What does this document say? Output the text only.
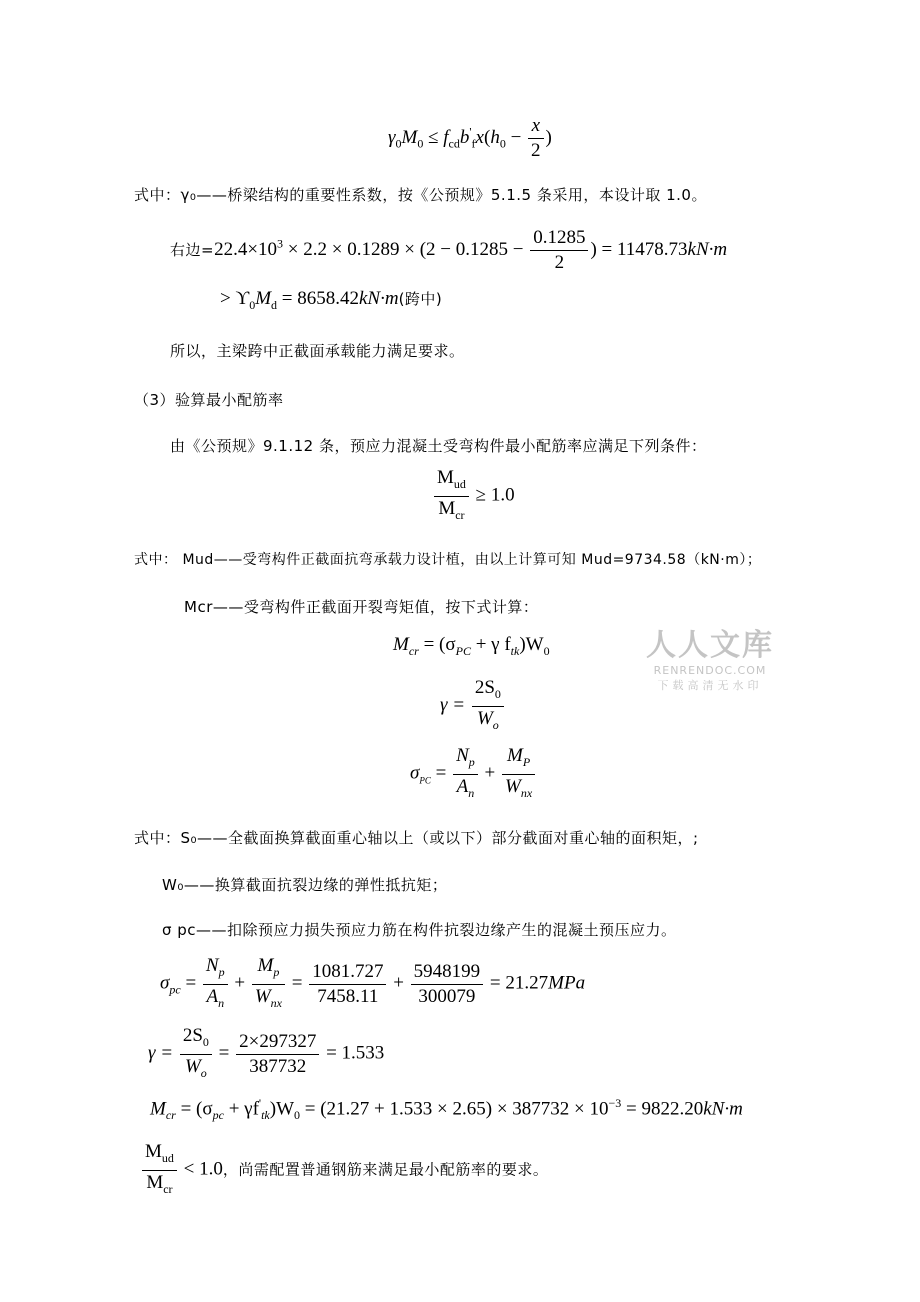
$\gamma_0M_0 \le f_{cd}b'_fx(h_0 - \frac{x}{2}$ )
式中：γ₀——桥梁结构的重要性系数，按《公预规》5.1.5 条采用，本设计取 1.0。
右边$=22.4\times 10^3 \times 2.2 \times 0.1289 \times (2 - 0.1285 - \frac{0.1285}{2}$ ) = 11478.73kN·m
> $ϒ_0M_d = 8658.42kN\cdot m$(跨中)
所以，主梁跨中正截面承载能力满足要求。
（3）验算最小配筋率
由《公预规》9.1.12 条，预应力混凝土受弯构件最小配筋率应满足下列条件：
$M_{ud}$
$M_{cr}$
≥ 1.0
式中： Mud——受弯构件正截面抗弯承载力设计植，由以上计算可知 Mud=9734.58（kN·m）；
Mcr——受弯构件正截面开裂弯矩值，按下式计算：
$M_{cr} = (\sigma_{PC} + \gamma$ $f_{tk})W_0$	人人文库
RENRENDOC.COM
下载高清无水印
$\gamma = \frac{2S_0}{W_o}$
$\sigma_{PC} = \frac{N_p}{A_n}$ +
$M_P$
$W_{nx}$
式中：S₀——全截面换算截面重心轴以上（或以下）部分截面对重心轴的面积矩，;
W₀——换算截面抗裂边缘的弹性抵抗矩；
σ pc——扣除预应力损失预应力筋在构件抗裂边缘产生的混凝土预压应力。
$\sigma_{pc} = \frac{N_p}{A_n}$ +
$M_p$
$W_{nx}$
= $\frac{1081.727}{7458.11} + \frac{5948199}{300079} = 21.27MPa$
$\gamma = \frac{2S_0}{W_o} = \frac{2\times 297327}{387732} = 1.533$
$M_{cr} = (\sigma_{pc} + \gamma f'_{tk})W_0 = (21.27 + 1.533 \times 2.65) \times 387732 \times 10^{-3} = 9822.20kN\cdot m$
$M_{ud}$
$M_{cr}$
< 1.0，尚需配置普通钢筋来满足最小配筋率的要求。
